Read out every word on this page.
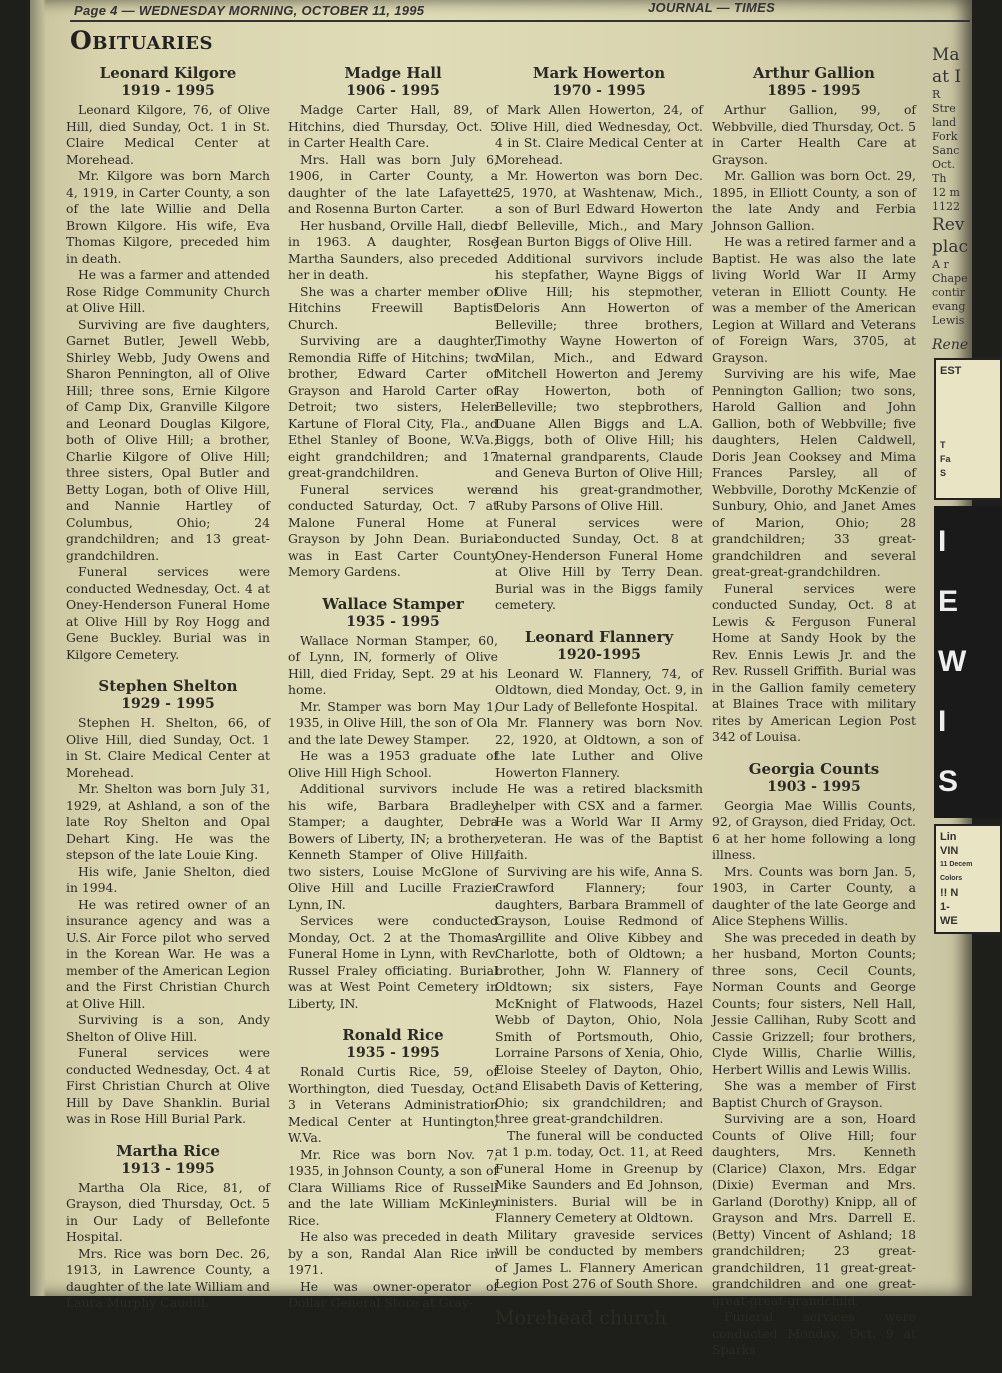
Page 4 — WEDNESDAY MORNING, OCTOBER 11, 1995	JOURNAL — TIMES
Obituaries
Leonard Kilgore
1919 - 1995

Leonard Kilgore, 76, of Olive Hill, died Sunday, Oct. 1 in St. Claire Medical Center at Morehead.

Mr. Kilgore was born March 4, 1919, in Carter County, a son of the late Willie and Della Brown Kilgore. His wife, Eva Thomas Kilgore, preceded him in death.

He was a farmer and attended Rose Ridge Community Church at Olive Hill.

Surviving are five daughters, Garnet Butler, Jewell Webb, Shirley Webb, Judy Owens and Sharon Pennington, all of Olive Hill; three sons, Ernie Kilgore of Camp Dix, Granville Kilgore and Leonard Douglas Kilgore, both of Olive Hill; a brother, Charlie Kilgore of Olive Hill; three sisters, Opal Butler and Betty Logan, both of Olive Hill, and Nannie Hartley of Columbus, Ohio; 24 grandchildren; and 13 great-grandchildren.

Funeral services were conducted Wednesday, Oct. 4 at Oney-Henderson Funeral Home at Olive Hill by Roy Hogg and Gene Buckley. Burial was in Kilgore Cemetery.

Stephen Shelton
1929 - 1995

Stephen H. Shelton, 66, of Olive Hill, died Sunday, Oct. 1 in St. Claire Medical Center at Morehead.

Mr. Shelton was born July 31, 1929, at Ashland, a son of the late Roy Shelton and Opal Dehart King. He was the stepson of the late Louie King.

His wife, Janie Shelton, died in 1994.

He was retired owner of an insurance agency and was a U.S. Air Force pilot who served in the Korean War. He was a member of the American Legion and the First Christian Church at Olive Hill.

Surviving is a son, Andy Shelton of Olive Hill.

Funeral services were conducted Wednesday, Oct. 4 at First Christian Church at Olive Hill by Dave Shanklin. Burial was in Rose Hill Burial Park.

Martha Rice
1913 - 1995

Martha Ola Rice, 81, of Grayson, died Thursday, Oct. 5 in Our Lady of Bellefonte Hospital.

Mrs. Rice was born Dec. 26, 1913, in Lawrence County, a daughter of the late William and Laura Murphy Caudill.

Madge Hall
1906 - 1995

Madge Carter Hall, 89, of Hitchins, died Thursday, Oct. 5 in Carter Health Care.

Mrs. Hall was born July 6, 1906, in Carter County, a daughter of the late Lafayette and Rosenna Burton Carter.

Her husband, Orville Hall, died in 1963. A daughter, Rose Martha Saunders, also preceded her in death.

She was a charter member of Hitchins Freewill Baptist Church.

Surviving are a daughter, Remondia Riffe of Hitchins; two brother, Edward Carter of Grayson and Harold Carter of Detroit; two sisters, Helen Kartune of Floral City, Fla., and Ethel Stanley of Boone, W.Va.; eight grandchildren; and 17 great-grandchildren.

Funeral services were conducted Saturday, Oct. 7 at Malone Funeral Home at Grayson by John Dean. Burial was in East Carter County Memory Gardens.

Wallace Stamper
1935 - 1995

Wallace Norman Stamper, 60, of Lynn, IN, formerly of Olive Hill, died Friday, Sept. 29 at his home.

Mr. Stamper was born May 1, 1935, in Olive Hill, the son of Ola and the late Dewey Stamper.

He was a 1953 graduate of Olive Hill High School.

Additional survivors include his wife, Barbara Bradley Stamper; a daughter, Debra Bowers of Liberty, IN; a brother, Kenneth Stamper of Olive Hill; two sisters, Louise McGlone of Olive Hill and Lucille Frazier Lynn, IN.

Services were conducted Monday, Oct. 2 at the Thomas Funeral Home in Lynn, with Rev. Russel Fraley officiating. Burial was at West Point Cemetery in Liberty, IN.

Ronald Rice
1935 - 1995

Ronald Curtis Rice, 59, of Worthington, died Tuesday, Oct. 3 in Veterans Administration Medical Center at Huntington, W.Va.

Mr. Rice was born Nov. 7, 1935, in Johnson County, a son of Clara Williams Rice of Russell and the late William McKinley Rice.

He also was preceded in death by a son, Randal Alan Rice in 1971.

He was owner-operator of Dollar General Store at Gray-

Mark Howerton
1970 - 1995

Mark Allen Howerton, 24, of Olive Hill, died Wednesday, Oct. 4 in St. Claire Medical Center at Morehead.

Mr. Howerton was born Dec. 25, 1970, at Washtenaw, Mich., a son of Burl Edward Howerton of Belleville, Mich., and Mary Jean Burton Biggs of Olive Hill.

Additional survivors include his stepfather, Wayne Biggs of Olive Hill; his stepmother, Deloris Ann Howerton of Belleville; three brothers, Timothy Wayne Howerton of Milan, Mich., and Edward Mitchell Howerton and Jeremy Ray Howerton, both of Belleville; two stepbrothers, Duane Allen Biggs and L.A. Biggs, both of Olive Hill; his maternal grandparents, Claude and Geneva Burton of Olive Hill; and his great-grandmother, Ruby Parsons of Olive Hill.

Funeral services were conducted Sunday, Oct. 8 at Oney-Henderson Funeral Home at Olive Hill by Terry Dean. Burial was in the Biggs family cemetery.

Leonard Flannery
1920-1995

Leonard W. Flannery, 74, of Oldtown, died Monday, Oct. 9, in Our Lady of Bellefonte Hospital.

Mr. Flannery was born Nov. 22, 1920, at Oldtown, a son of the late Luther and Olive Howerton Flannery.

He was a retired blacksmith helper with CSX and a farmer. He was a World War II Army veteran. He was of the Baptist faith.

Surviving are his wife, Anna S. Crawford Flannery; four daughters, Barbara Brammell of Grayson, Louise Redmond of Argillite and Olive Kibbey and Charlotte, both of Oldtown; a brother, John W. Flannery of Oldtown; six sisters, Faye McKnight of Flatwoods, Hazel Webb of Dayton, Ohio, Nola Smith of Portsmouth, Ohio, Lorraine Parsons of Xenia, Ohio, Eloise Steeley of Dayton, Ohio, and Elisabeth Davis of Kettering, Ohio; six grandchildren; and three great-grandchildren.

The funeral will be conducted at 1 p.m. today, Oct. 11, at Reed Funeral Home in Greenup by Mike Saunders and Ed Johnson, ministers. Burial will be in Flannery Cemetery at Oldtown.

Military graveside services will be conducted by members of James L. Flannery American Legion Post 276 of South Shore.

Morehead church
Arthur Gallion
1895 - 1995

Arthur Gallion, 99, of Webbville, died Thursday, Oct. 5 in Carter Health Care at Grayson.

Mr. Gallion was born Oct. 29, 1895, in Elliott County, a son of the late Andy and Ferbia Johnson Gallion.

He was a retired farmer and a Baptist. He was also the late living World War II Army veteran in Elliott County. He was a member of the American Legion at Willard and Veterans of Foreign Wars, 3705, at Grayson.

Surviving are his wife, Mae Pennington Gallion; two sons, Harold Gallion and John Gallion, both of Webbville; five daughters, Helen Caldwell, Doris Jean Cooksey and Mima Frances Parsley, all of Webbville, Dorothy McKenzie of Sunbury, Ohio, and Janet Ames of Marion, Ohio; 28 grandchildren; 33 great-grandchildren and several great-great-grandchildren.

Funeral services were conducted Sunday, Oct. 8 at Lewis & Ferguson Funeral Home at Sandy Hook by the Rev. Ennis Lewis Jr. and the Rev. Russell Griffith. Burial was in the Gallion family cemetery at Blaines Trace with military rites by American Legion Post 342 of Louisa.

Georgia Counts
1903 - 1995

Georgia Mae Willis Counts, 92, of Grayson, died Friday, Oct. 6 at her home following a long illness.

Mrs. Counts was born Jan. 5, 1903, in Carter County, a daughter of the late George and Alice Stephens Willis.

She was preceded in death by her husband, Morton Counts; three sons, Cecil Counts, Norman Counts and George Counts; four sisters, Nell Hall, Jessie Callihan, Ruby Scott and Cassie Grizzell; four brothers, Clyde Willis, Charlie Willis, Herbert Willis and Lewis Willis.

She was a member of First Baptist Church of Grayson.

Surviving are a son, Hoard Counts of Olive Hill; four daughters, Mrs. Kenneth (Clarice) Claxon, Mrs. Edgar (Dixie) Everman and Mrs. Garland (Dorothy) Knipp, all of Grayson and Mrs. Darrell E. (Betty) Vincent of Ashland; 18 grandchildren; 23 great-grandchildren, 11 great-great-grandchildren and one great-great-great-grandchild.

Funeral services were conducted Monday, Oct. 9 at Sparks

Ma
at I
R
Stre
land
Fork
Sanc
Oct.
Th
12 m
1122
Rev
plac
A r
Chape
contir
evang
Lewis
Rene
EST
T
Fa
S
I
E
W
I
S
Lin
VIN
11 Decem Colors
!! N
1-
WE
